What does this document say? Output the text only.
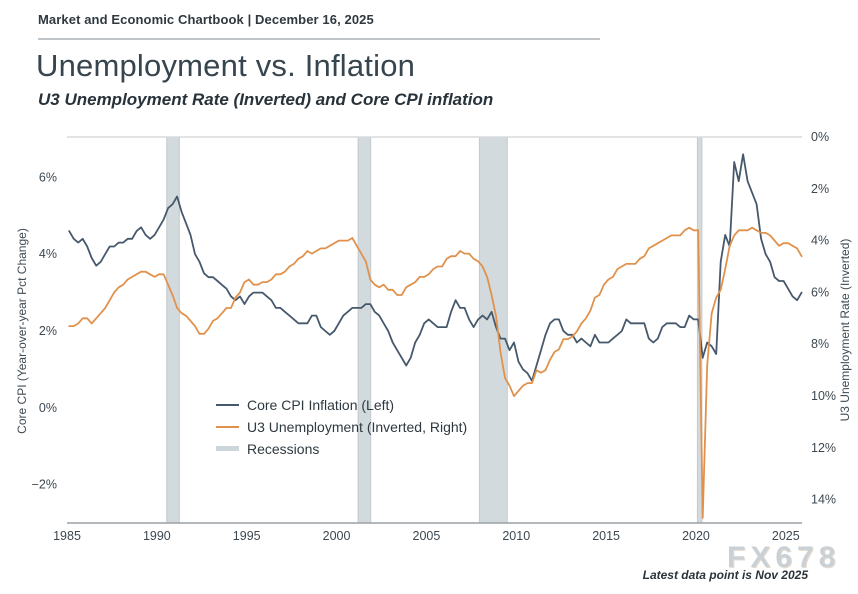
Market and Economic Chartbook | December 16, 2025
Unemployment vs. Inflation
U3 Unemployment Rate (Inverted) and Core CPI inflation
6%
4%
2%
0%
−2%
0%
2%
4%
6%
8%
10%
12%
14%
1985	1990	1995	2000	2005	2010	2015	2020	2025
Core CPI (Year-over-year Pct Change)	U3 Unemployment Rate (Inverted)
Core CPI Inflation (Left)
U3 Unemployment (Inverted, Right)
Recessions
FX678
Latest data point is Nov 2025
